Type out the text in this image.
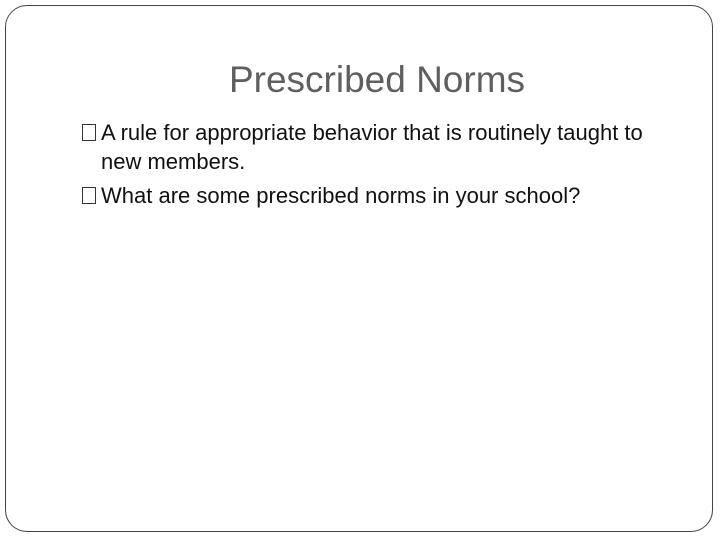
Prescribed Norms
A rule for appropriate behavior that is routinely taught to new members.
What are some prescribed norms in your school?
